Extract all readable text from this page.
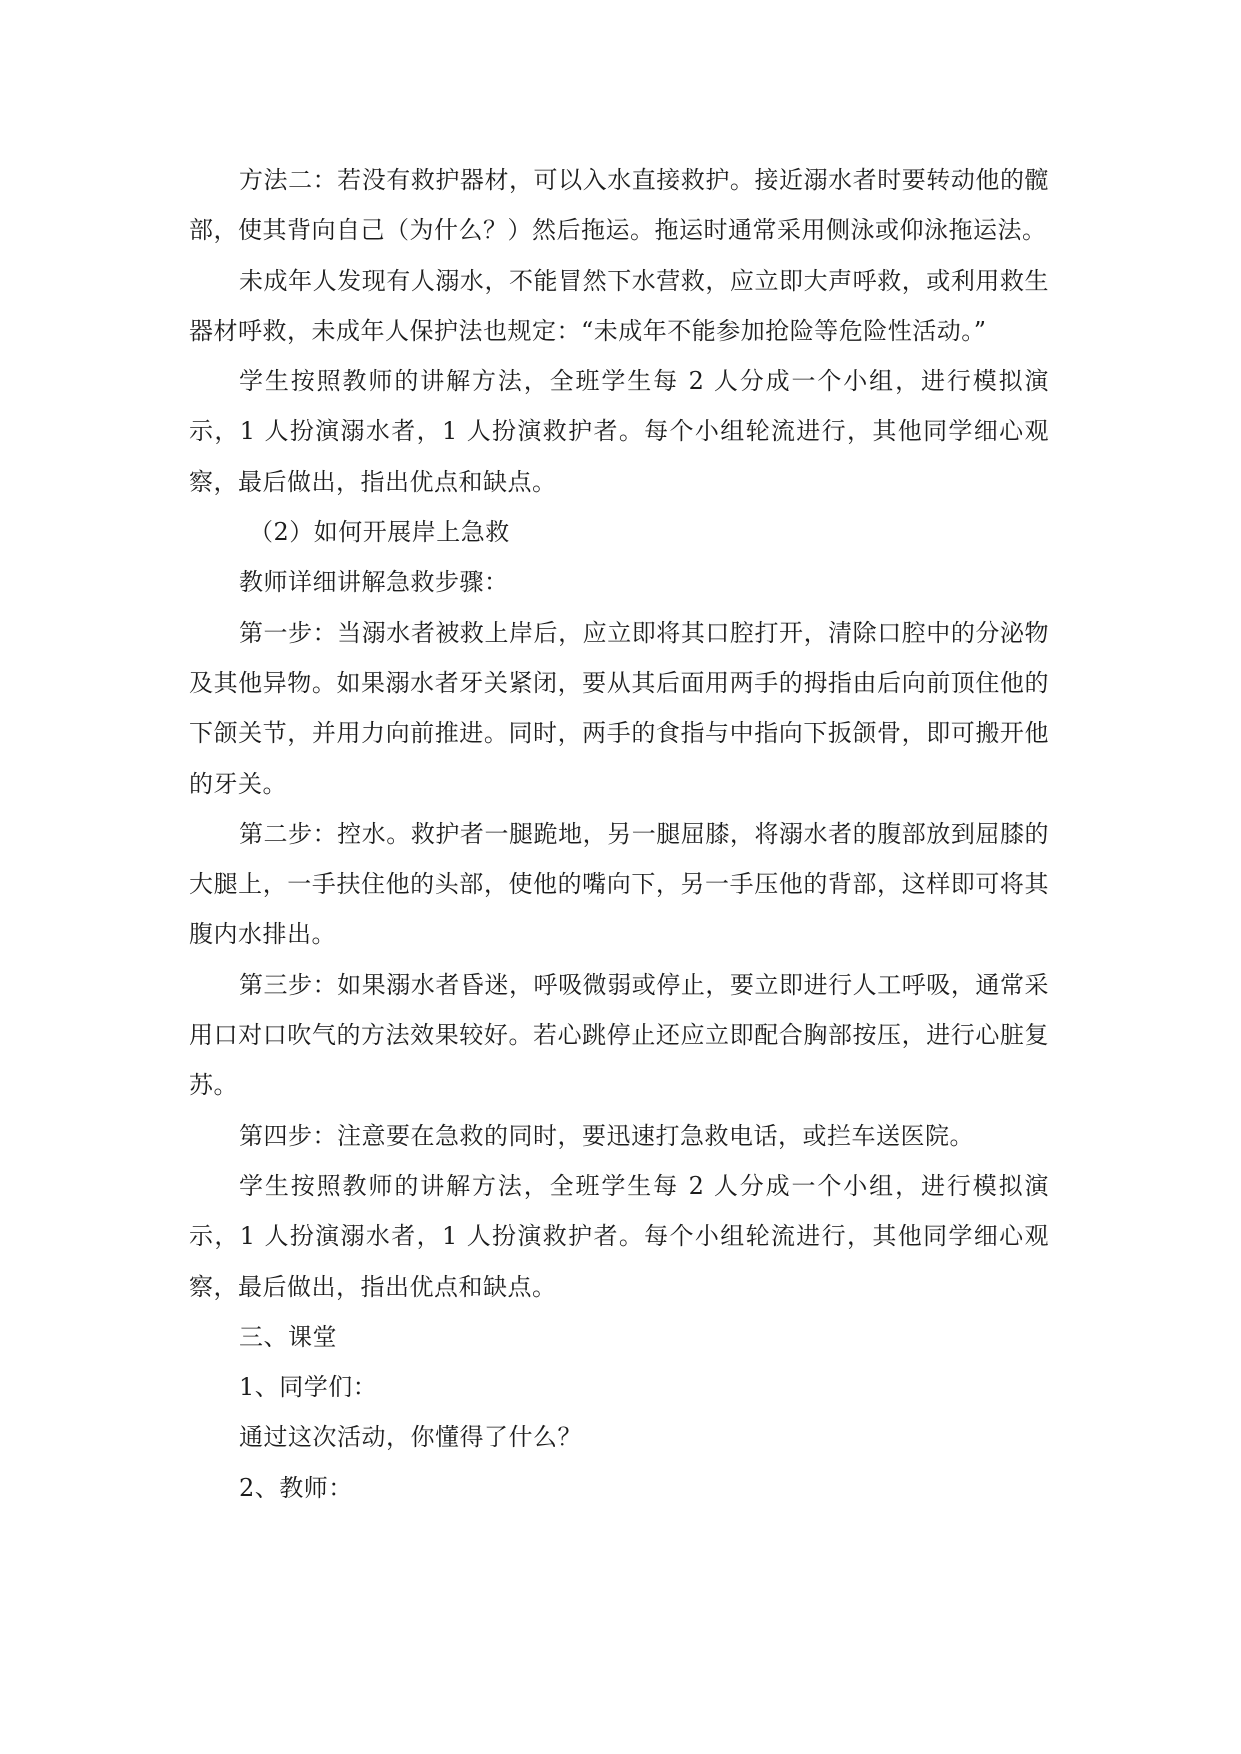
方法二：若没有救护器材，可以入水直接救护。接近溺水者时要转动他的髋部，使其背向自己（为什么？）然后拖运。拖运时通常采用侧泳或仰泳拖运法。

未成年人发现有人溺水，不能冒然下水营救，应立即大声呼救，或利用救生器材呼救，未成年人保护法也规定：“未成年不能参加抢险等危险性活动。”

学生按照教师的讲解方法，全班学生每 2 人分成一个小组，进行模拟演示，1 人扮演溺水者，1 人扮演救护者。每个小组轮流进行，其他同学细心观察，最后做出，指出优点和缺点。

（2）如何开展岸上急救

教师详细讲解急救步骤：

第一步：当溺水者被救上岸后，应立即将其口腔打开，清除口腔中的分泌物及其他异物。如果溺水者牙关紧闭，要从其后面用两手的拇指由后向前顶住他的下颌关节，并用力向前推进。同时，两手的食指与中指向下扳颌骨，即可搬开他的牙关。

第二步：控水。救护者一腿跪地，另一腿屈膝，将溺水者的腹部放到屈膝的大腿上，一手扶住他的头部，使他的嘴向下，另一手压他的背部，这样即可将其腹内水排出。

第三步：如果溺水者昏迷，呼吸微弱或停止，要立即进行人工呼吸，通常采用口对口吹气的方法效果较好。若心跳停止还应立即配合胸部按压，进行心脏复苏。

第四步：注意要在急救的同时，要迅速打急救电话，或拦车送医院。

学生按照教师的讲解方法，全班学生每 2 人分成一个小组，进行模拟演示，1 人扮演溺水者，1 人扮演救护者。每个小组轮流进行，其他同学细心观察，最后做出，指出优点和缺点。

三、课堂

1、同学们：

通过这次活动，你懂得了什么？

2、教师：
